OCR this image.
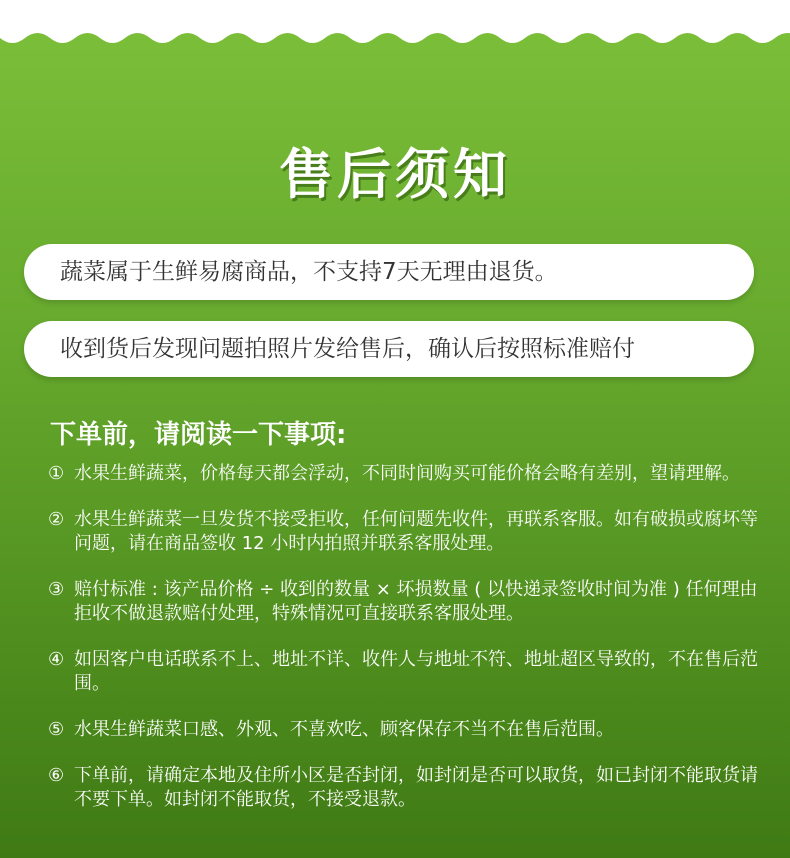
售后须知
蔬菜属于生鲜易腐商品，不支持7天无理由退货。
收到货后发现问题拍照片发给售后，确认后按照标准赔付
下单前，请阅读一下事项:
① 水果生鲜蔬菜，价格每天都会浮动，不同时间购买可能价格会略有差别，望请理解。
② 水果生鲜蔬菜一旦发货不接受拒收，任何问题先收件，再联系客服。如有破损或腐坏等问题，请在商品签收 12 小时内拍照并联系客服处理。
③ 赔付标准 : 该产品价格 ÷ 收到的数量 × 坏损数量 ( 以快递录签收时间为准 ) 任何理由拒收不做退款赔付处理，特殊情况可直接联系客服处理。
④ 如因客户电话联系不上、地址不详、收件人与地址不符、地址超区导致的，不在售后范围。
⑤ 水果生鲜蔬菜口感、外观、不喜欢吃、顾客保存不当不在售后范围。
⑥ 下单前，请确定本地及住所小区是否封闭，如封闭是否可以取货，如已封闭不能取货请不要下单。如封闭不能取货，不接受退款。
